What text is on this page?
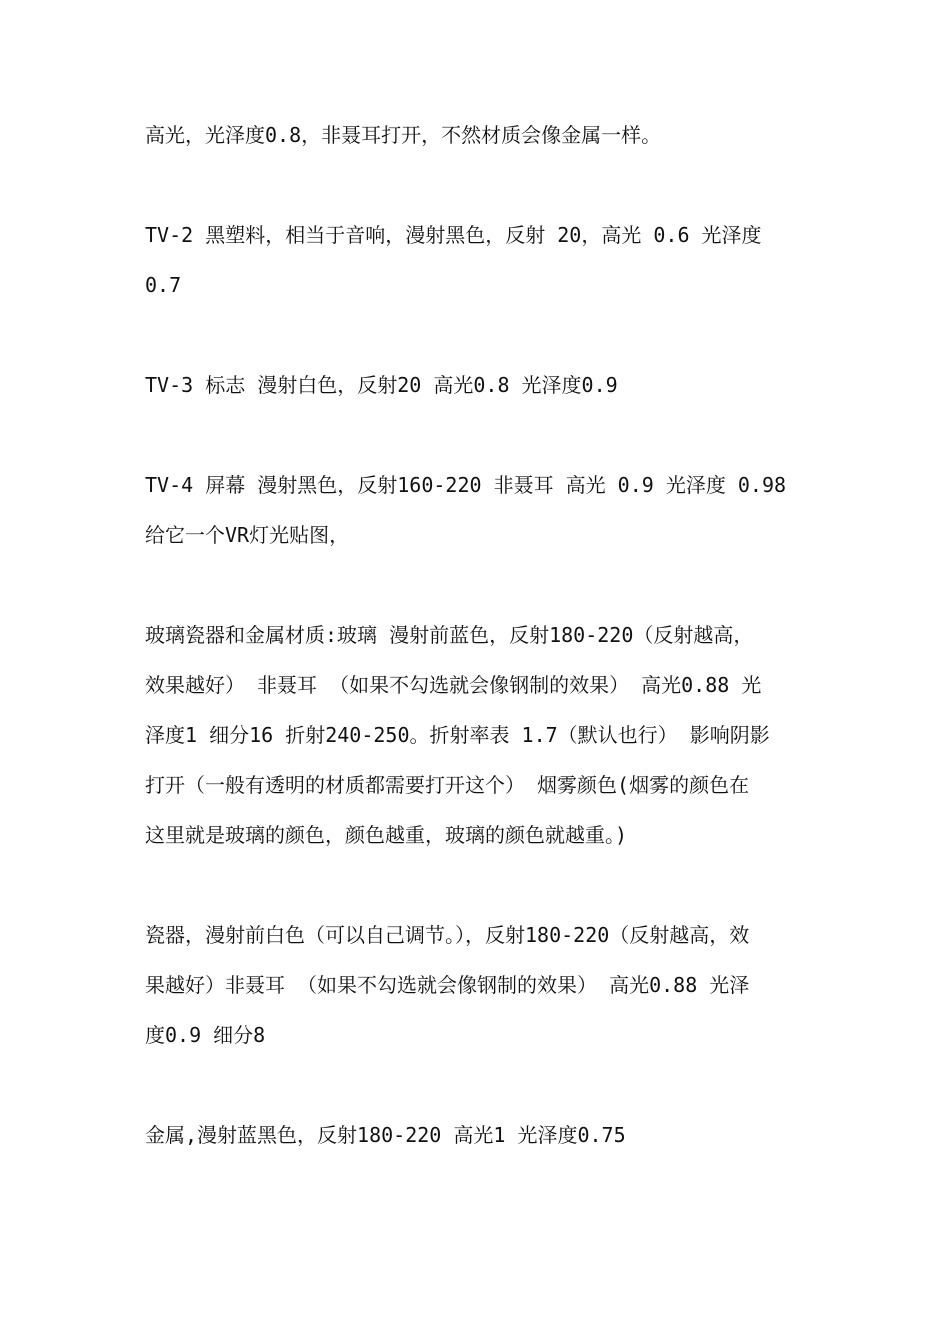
高光，光泽度0.8，非聂耳打开，不然材质会像金属一样。

TV-2 黑塑料，相当于音响，漫射黑色，反射 20，高光 0.6 光泽度
0.7

TV-3 标志 漫射白色，反射20 高光0.8 光泽度0.9

TV-4 屏幕 漫射黑色，反射160-220 非聂耳 高光 0.9 光泽度 0.98
给它一个VR灯光贴图，

玻璃瓷器和金属材质:玻璃 漫射前蓝色，反射180-220（反射越高，
效果越好） 非聂耳 （如果不勾选就会像钢制的效果） 高光0.88 光
泽度1 细分16 折射240-250。折射率表 1.7（默认也行） 影响阴影
打开（一般有透明的材质都需要打开这个） 烟雾颜色(烟雾的颜色在
这里就是玻璃的颜色，颜色越重，玻璃的颜色就越重。)

瓷器，漫射前白色（可以自己调节。），反射180-220（反射越高，效
果越好）非聂耳 （如果不勾选就会像钢制的效果） 高光0.88 光泽
度0.9 细分8

金属,漫射蓝黑色，反射180-220 高光1 光泽度0.75
